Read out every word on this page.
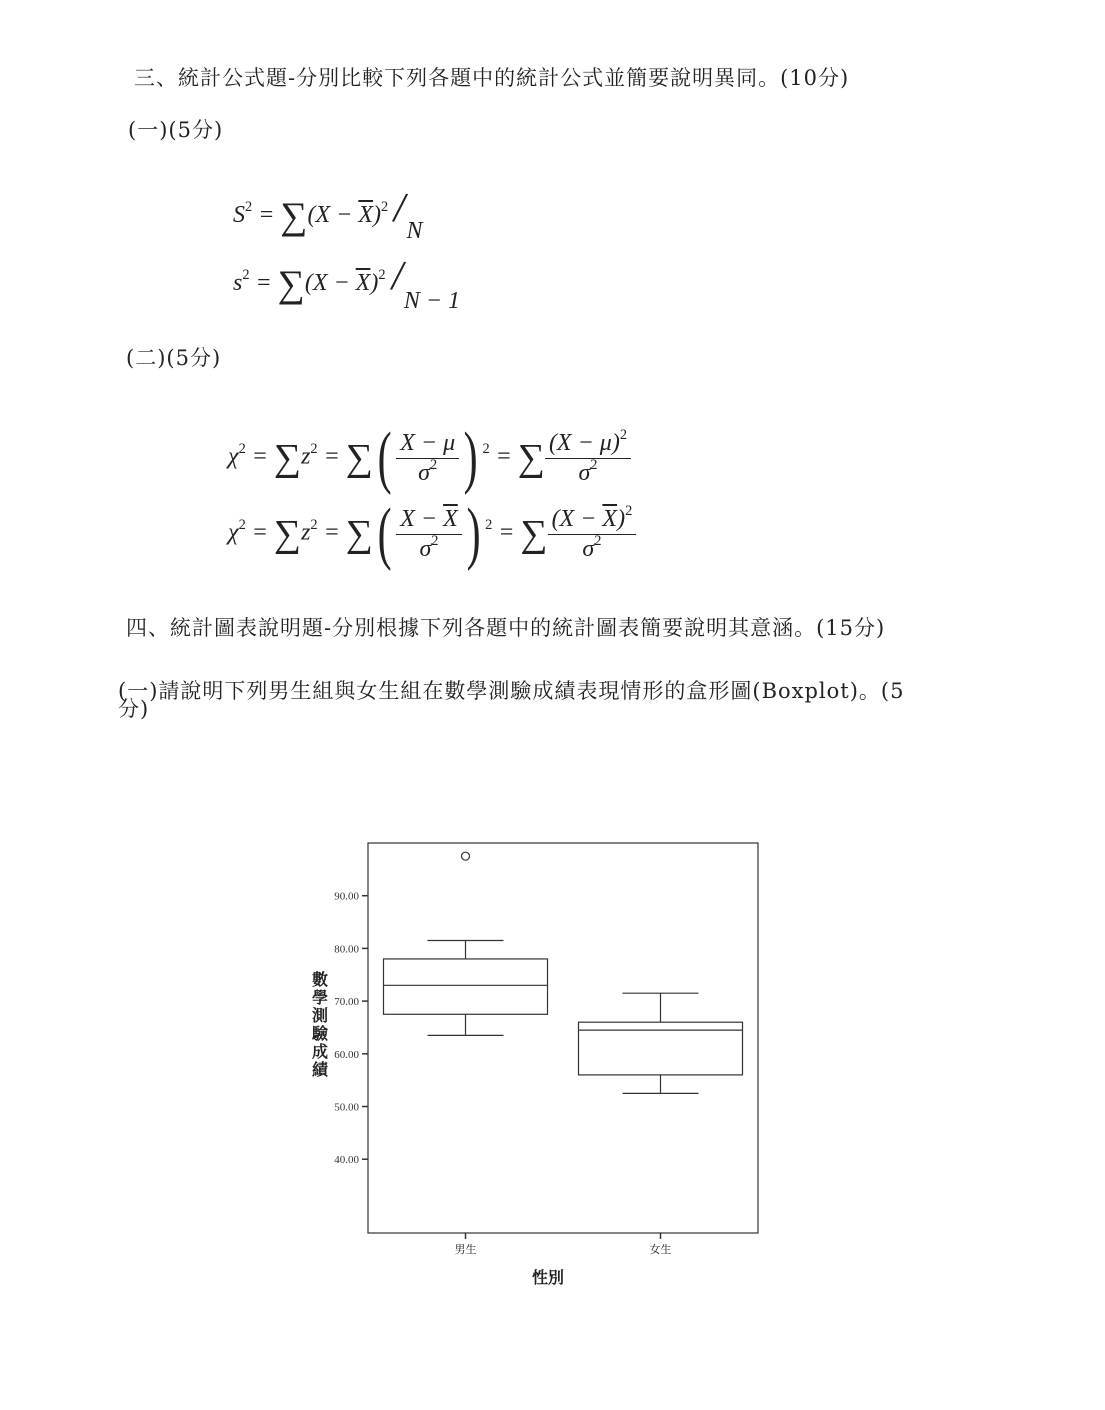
三、統計公式題-分別比較下列各題中的統計公式並簡要說明異同。(10分)
(一)(5分)
$S^2 = \sum(X - \overline{X})^2$ /N
$s^2 = \sum(X - \overline{X})^2$ /N − 1
(二)(5分)
$\chi^2 = \sum z^2$ = ∑( $\frac{X - \mu}{\sigma^2}$ ) $^2$ = ∑ $\frac{(X - \mu)^2}{\sigma^2}$
$\chi^2 = \sum z^2$ = ∑( $\frac{X - \overline{X}}{\sigma^2}$ ) $^2$ = ∑ $\frac{(X - \overline{X})^2}{\sigma^2}$
四、統計圖表說明題-分別根據下列各題中的統計圖表簡要說明其意涵。(15分)
(一)請說明下列男生組與女生組在數學測驗成績表現情形的盒形圖(Boxplot)。(5
分)
40.00
50.00
60.00
70.00
80.00
90.00
男生	女生
數學測驗成績
性別
